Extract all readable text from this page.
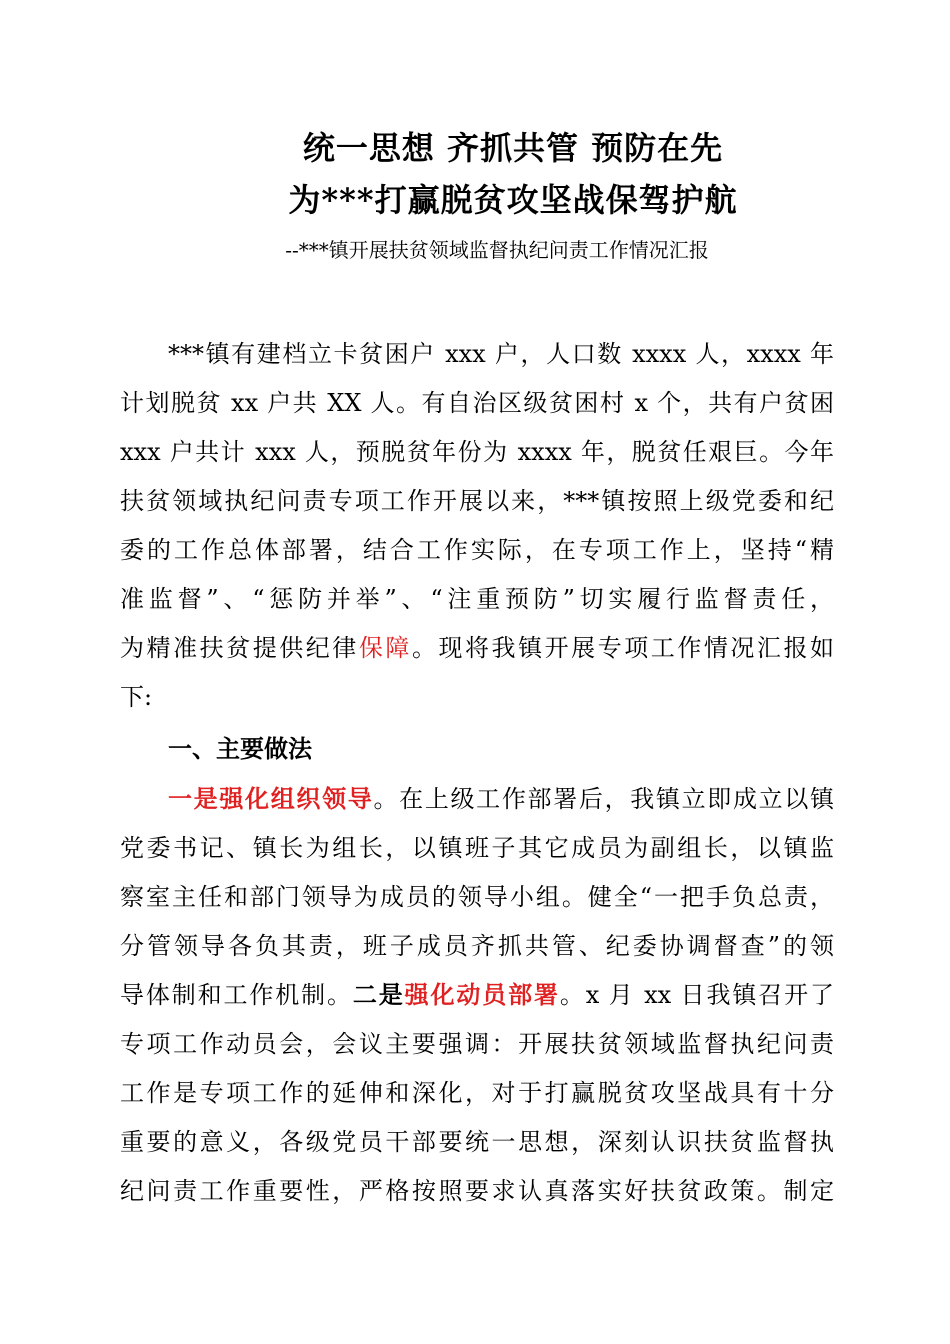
统一思想 齐抓共管 预防在先
为***打赢脱贫攻坚战保驾护航

--***镇开展扶贫领域监督执纪问责工作情况汇报

***镇有建档立卡贫困户 xxx 户，人口数 xxxx 人，xxxx 年
计划脱贫 xx 户共 XX 人。有自治区级贫困村 x 个，共有户贫困
xxx 户共计 xxx 人，预脱贫年份为 xxxx 年，脱贫任艰巨。今年
扶贫领域执纪问责专项工作开展以来，***镇按照上级党委和纪
委的工作总体部署，结合工作实际，在专项工作上，坚持“精
准监督”、“惩防并举”、“注重预防”切实履行监督责任，
为精准扶贫提供纪律保障。现将我镇开展专项工作情况汇报如
下:
一、主要做法
一是强化组织领导。在上级工作部署后，我镇立即成立以镇
党委书记、镇长为组长，以镇班子其它成员为副组长，以镇监
察室主任和部门领导为成员的领导小组。健全“一把手负总责，
分管领导各负其责，班子成员齐抓共管、纪委协调督查”的领
导体制和工作机制。二是强化动员部署。x 月 xx 日我镇召开了
专项工作动员会，会议主要强调：开展扶贫领域监督执纪问责
工作是专项工作的延伸和深化，对于打赢脱贫攻坚战具有十分
重要的意义，各级党员干部要统一思想，深刻认识扶贫监督执
纪问责工作重要性，严格按照要求认真落实好扶贫政策。制定
